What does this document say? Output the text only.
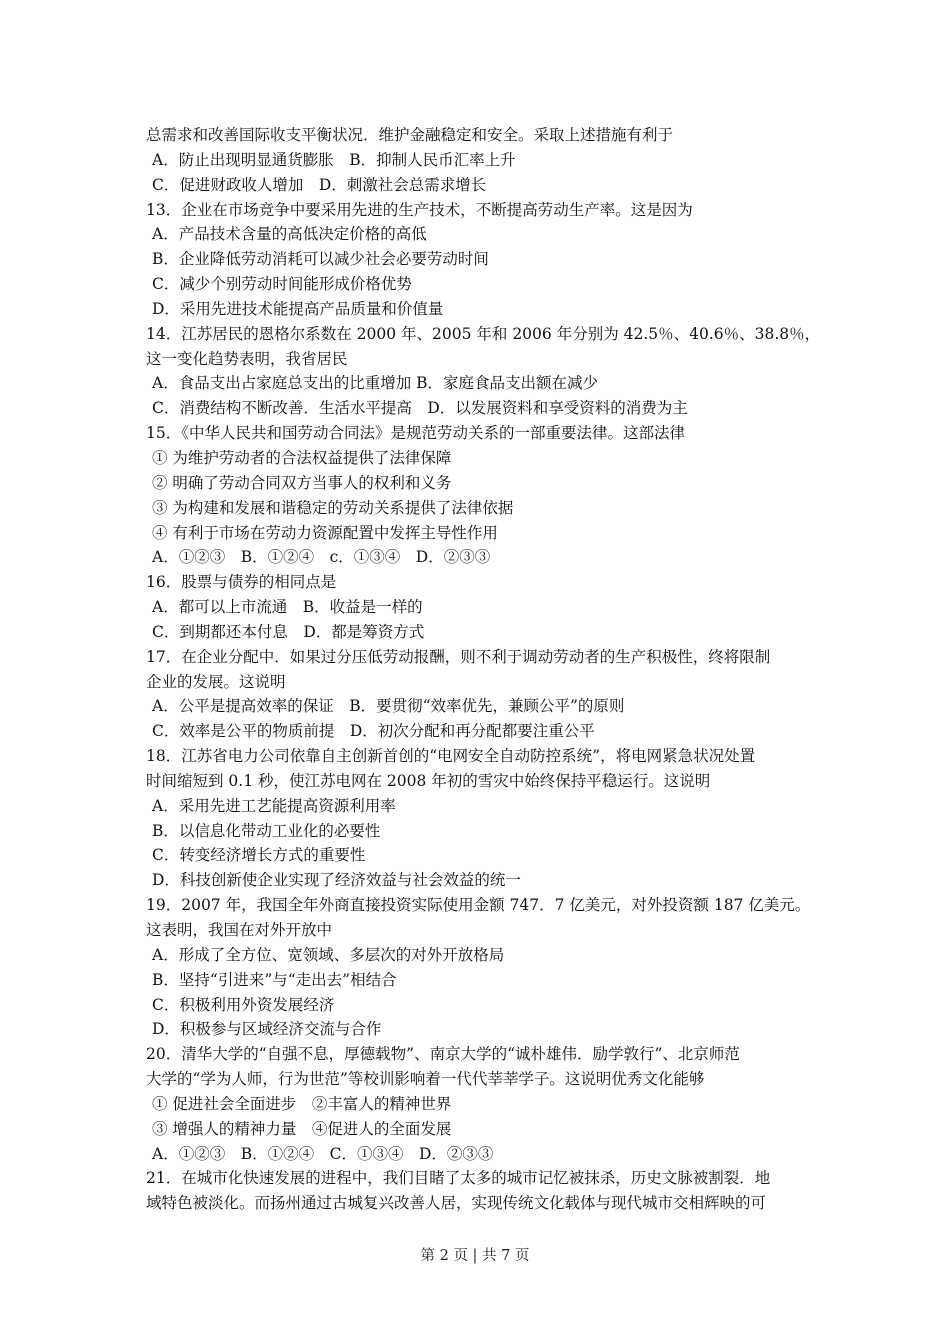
总需求和改善国际收支平衡状况．维护金融稳定和安全。采取上述措施有利于
A．防止出现明显通货膨胀　B．抑制人民币汇率上升
C．促进财政收人增加　D．刺激社会总需求增长
13．企业在市场竞争中要采用先进的生产技术，不断提高劳动生产率。这是因为
A．产品技术含量的高低决定价格的高低
B．企业降低劳动消耗可以减少社会必要劳动时间
C．减少个别劳动时间能形成价格优势
D．采用先进技术能提高产品质量和价值量
14．江苏居民的恩格尔系数在 2000 年、2005 年和 2006 年分别为 42.5％、40.6％、38.8％，
这一变化趋势表明，我省居民
A．食品支出占家庭总支出的比重增加 B．家庭食品支出额在减少
C．消费结构不断改善．生活水平提高　D．以发展资料和享受资料的消费为主
15．《中华人民共和国劳动合同法》是规范劳动关系的一部重要法律。这部法律
① 为维护劳动者的合法权益提供了法律保障
② 明确了劳动合同双方当事人的权利和义务
③ 为构建和发展和谐稳定的劳动关系提供了法律依据
④ 有利于市场在劳动力资源配置中发挥主导性作用
A．①②③　B．①②④　c．①③④　D．②③③
16．股票与债券的相同点是
A．都可以上市流通　B．收益是一样的
C．到期都还本付息　D．都是筹资方式
17．在企业分配中．如果过分压低劳动报酬，则不利于调动劳动者的生产积极性，终将限制
企业的发展。这说明
A．公平是提高效率的保证　B．要贯彻“效率优先，兼顾公平”的原则
C．效率是公平的物质前提　D．初次分配和再分配都要注重公平
18．江苏省电力公司依靠自主创新首创的“电网安全自动防控系统”，将电网紧急状况处置
时间缩短到 0.1 秒，使江苏电网在 2008 年初的雪灾中始终保持平稳运行。这说明
A．采用先进工艺能提高资源利用率
B．以信息化带动工业化的必要性
C．转变经济增长方式的重要性
D．科技创新使企业实现了经济效益与社会效益的统一
19．2007 年，我国全年外商直接投资实际使用金额 747．7 亿美元，对外投资额 187 亿美元。
这表明，我国在对外开放中
A．形成了全方位、宽领域、多层次的对外开放格局
B．坚持“引进来”与“走出去”相结合
C．积极利用外资发展经济
D．积极参与区域经济交流与合作
20．清华大学的“自强不息，厚德载物”、南京大学的“诚朴雄伟．励学敦行”、北京师范
大学的“学为人师，行为世范”等校训影响着一代代莘莘学子。这说明优秀文化能够
① 促进社会全面进步　②丰富人的精神世界
③ 增强人的精神力量　④促进人的全面发展
A．①②③　B．①②④　C．①③④　D．②③③
21．在城市化快速发展的进程中，我们目睹了太多的城市记忆被抹杀，历史文脉被割裂．地
域特色被淡化。而扬州通过古城复兴改善人居，实现传统文化载体与现代城市交相辉映的可
第 2 页 | 共 7 页
